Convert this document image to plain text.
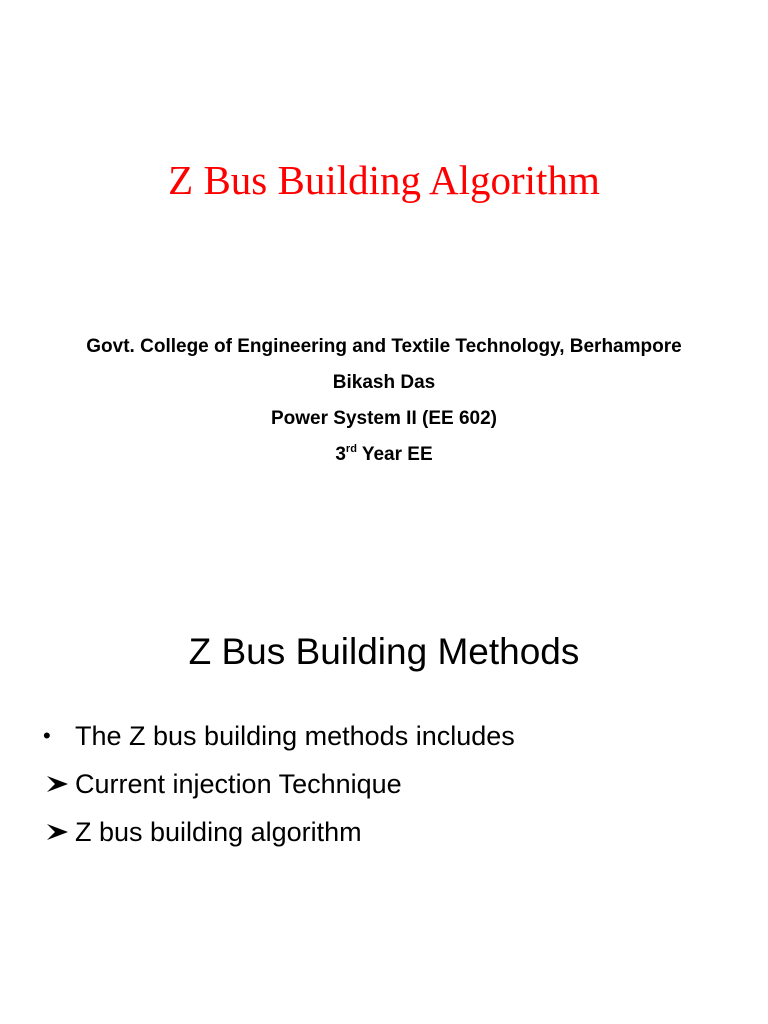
Z Bus Building Algorithm
Govt. College of Engineering and Textile Technology, Berhampore
Bikash Das
Power System II (EE 602)
3rd Year EE
Z Bus Building Methods
• The Z bus building methods includes
Current injection Technique
Z bus building algorithm
